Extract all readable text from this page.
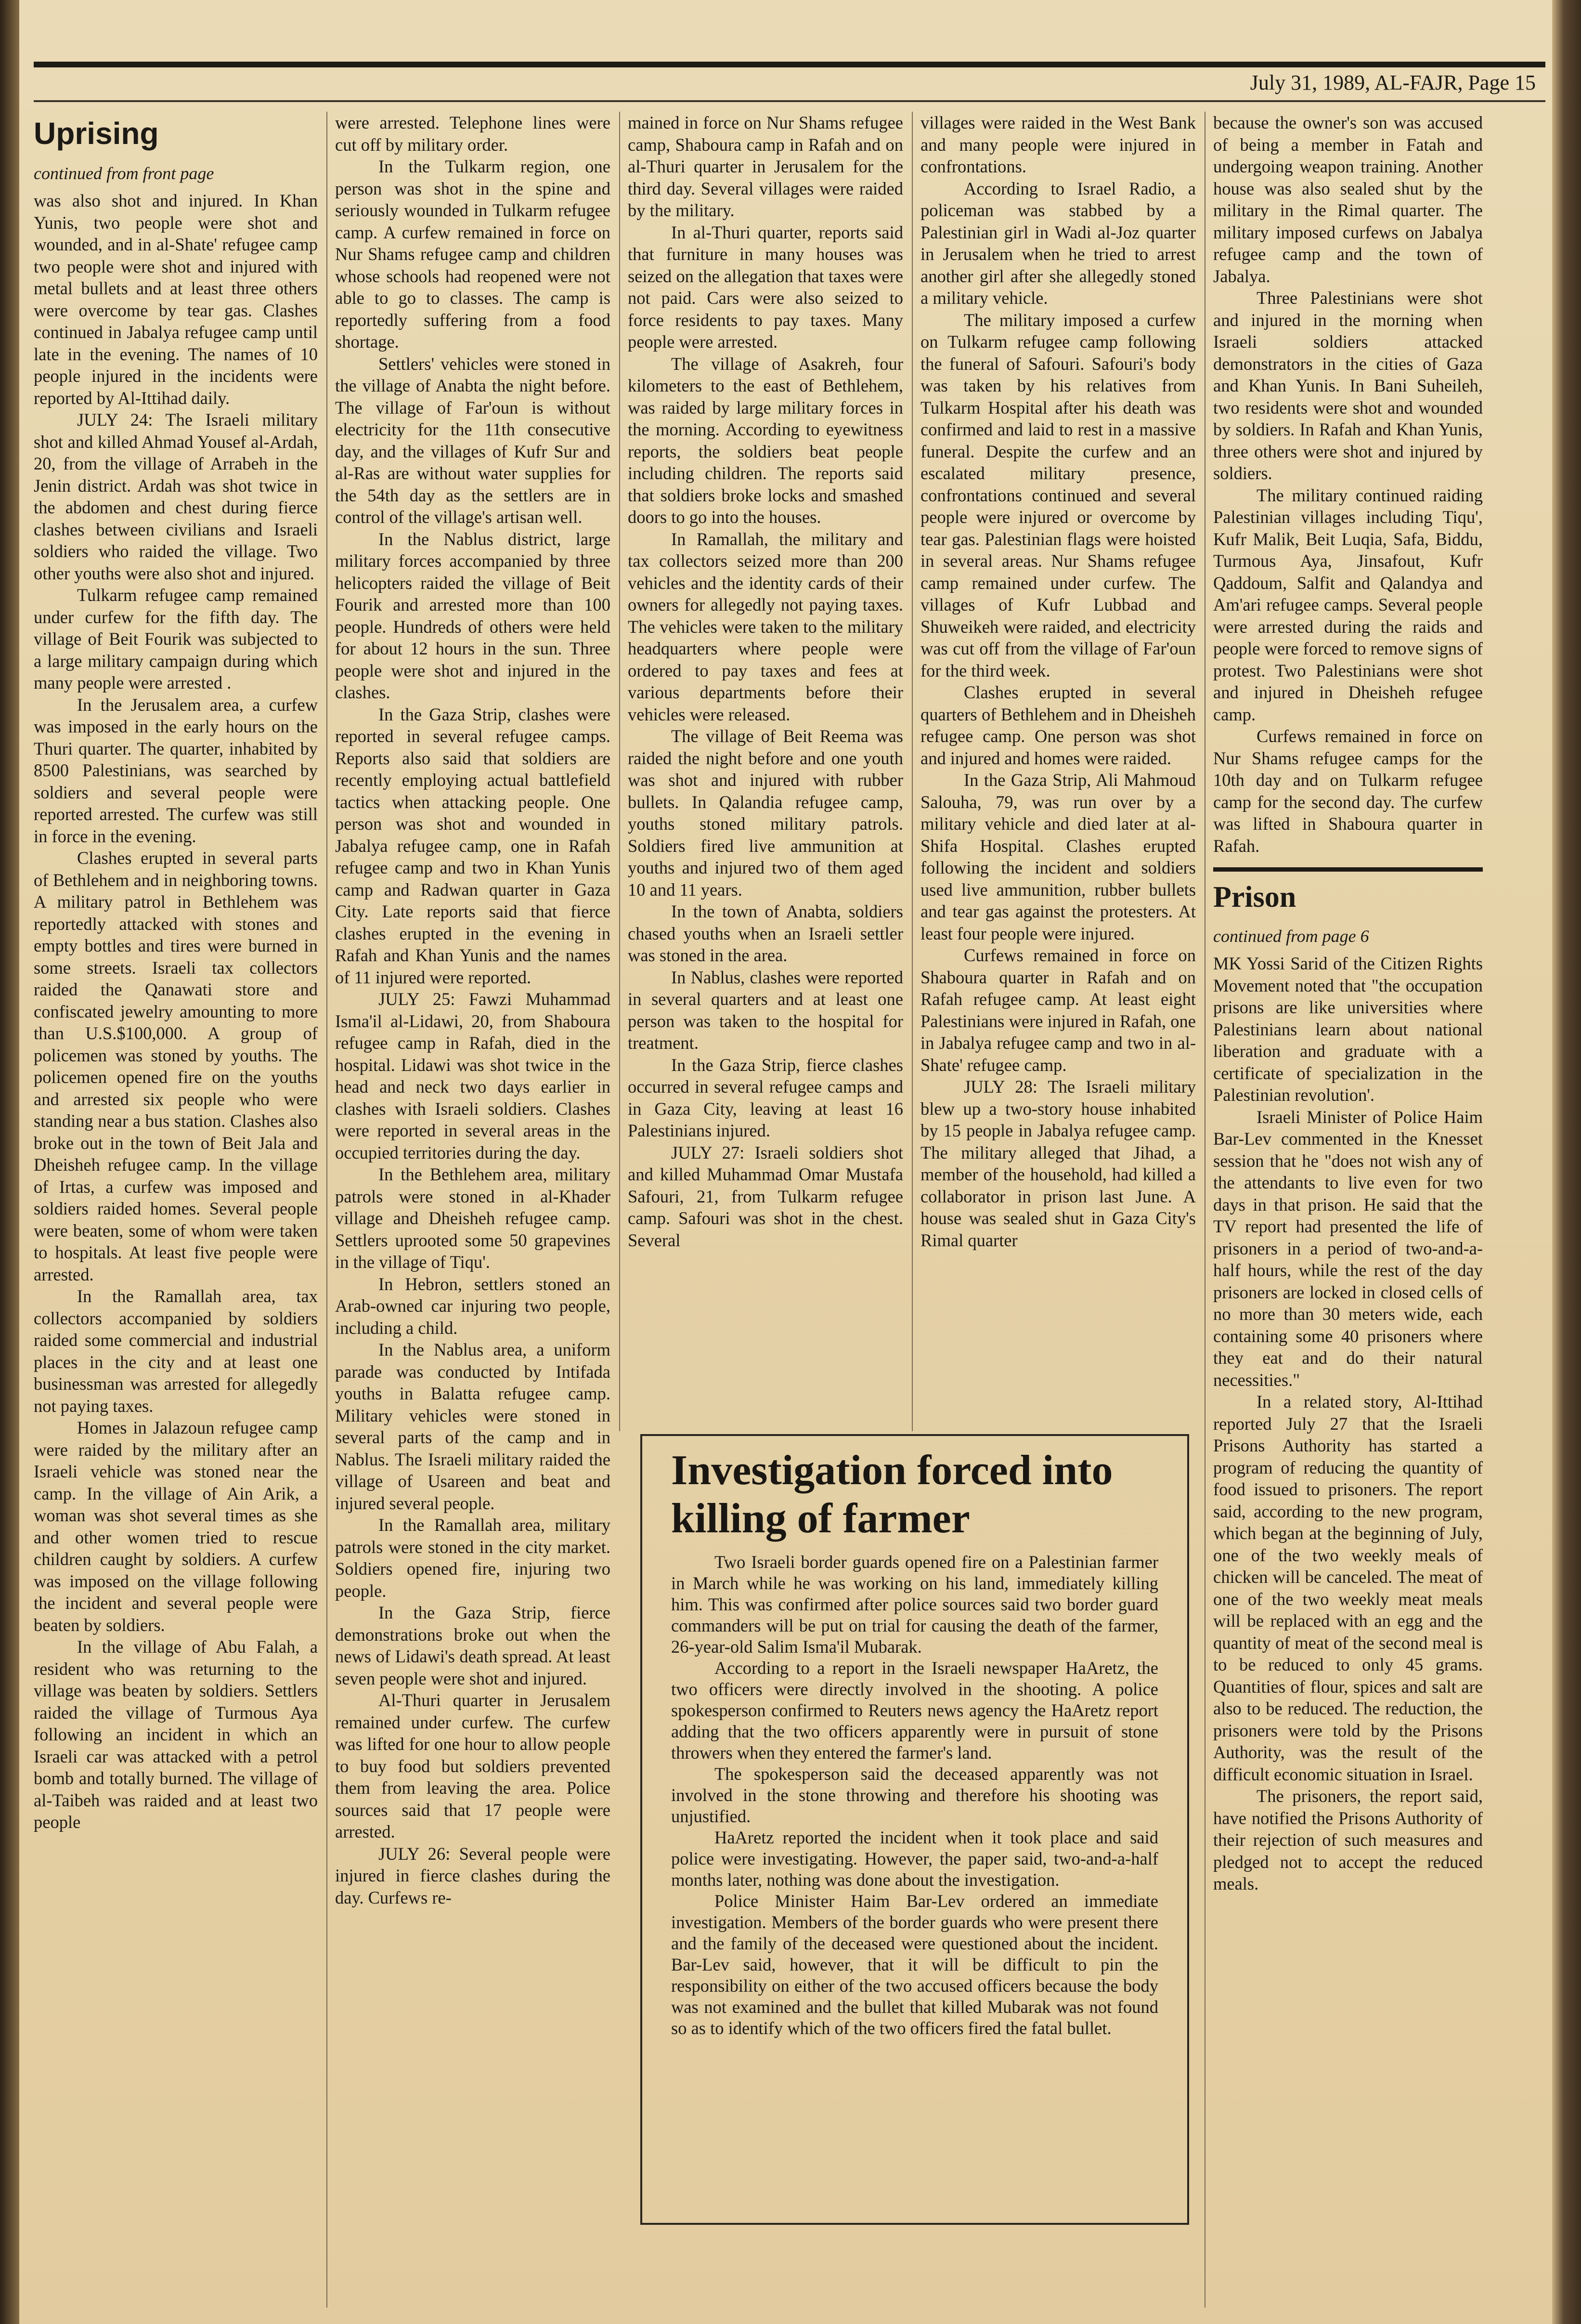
July 31, 1989, AL-FAJR, Page 15
Uprising
continued from front page

was also shot and injured. In Khan Yunis, two people were shot and wounded, and in al-Shate' refugee camp two people were shot and injured with metal bullets and at least three others were overcome by tear gas. Clashes continued in Jabalya refugee camp until late in the evening. The names of 10 people injured in the incidents were reported by Al-Ittihad daily.

JULY 24: The Israeli military shot and killed Ahmad Yousef al-Ardah, 20, from the village of Arrabeh in the Jenin district. Ardah was shot twice in the abdomen and chest during fierce clashes between civilians and Israeli soldiers who raided the village. Two other youths were also shot and injured.

Tulkarm refugee camp remained under curfew for the fifth day. The village of Beit Fourik was subjected to a large military campaign during which many people were arrested .

In the Jerusalem area, a curfew was imposed in the early hours on the Thuri quarter. The quarter, inhabited by 8500 Palestinians, was searched by soldiers and several people were reported arrested. The curfew was still in force in the evening.

Clashes erupted in several parts of Bethlehem and in neighboring towns. A military patrol in Bethlehem was reportedly attacked with stones and empty bottles and tires were burned in some streets. Israeli tax collectors raided the Qanawati store and confiscated jewelry amounting to more than U.S.$100,000. A group of policemen was stoned by youths. The policemen opened fire on the youths and arrested six people who were standing near a bus station. Clashes also broke out in the town of Beit Jala and Dheisheh refugee camp. In the village of Irtas, a curfew was imposed and soldiers raided homes. Several people were beaten, some of whom were taken to hospitals. At least five people were arrested.

In the Ramallah area, tax collectors accompanied by soldiers raided some commercial and industrial places in the city and at least one businessman was arrested for allegedly not paying taxes.

Homes in Jalazoun refugee camp were raided by the military after an Israeli vehicle was stoned near the camp. In the village of Ain Arik, a woman was shot several times as she and other women tried to rescue children caught by soldiers. A curfew was imposed on the village following the incident and several people were beaten by soldiers.

In the village of Abu Falah, a resident who was returning to the village was beaten by soldiers. Settlers raided the village of Turmous Aya following an incident in which an Israeli car was attacked with a petrol bomb and totally burned. The village of al-Taibeh was raided and at least two people

were arrested. Telephone lines were cut off by military order.

In the Tulkarm region, one person was shot in the spine and seriously wounded in Tulkarm refugee camp. A curfew remained in force on Nur Shams refugee camp and children whose schools had reopened were not able to go to classes. The camp is reportedly suffering from a food shortage.

Settlers' vehicles were stoned in the village of Anabta the night before. The village of Far'oun is without electricity for the 11th consecutive day, and the villages of Kufr Sur and al-Ras are without water supplies for the 54th day as the settlers are in control of the village's artisan well.

In the Nablus district, large military forces accompanied by three helicopters raided the village of Beit Fourik and arrested more than 100 people. Hundreds of others were held for about 12 hours in the sun. Three people were shot and injured in the clashes.

In the Gaza Strip, clashes were reported in several refugee camps. Reports also said that soldiers are recently employing actual battlefield tactics when attacking people. One person was shot and wounded in Jabalya refugee camp, one in Rafah refugee camp and two in Khan Yunis camp and Radwan quarter in Gaza City. Late reports said that fierce clashes erupted in the evening in Rafah and Khan Yunis and the names of 11 injured were reported.

JULY 25: Fawzi Muhammad Isma'il al-Lidawi, 20, from Shaboura refugee camp in Rafah, died in the hospital. Lidawi was shot twice in the head and neck two days earlier in clashes with Israeli soldiers. Clashes were reported in several areas in the occupied territories during the day.

In the Bethlehem area, military patrols were stoned in al-Khader village and Dheisheh refugee camp. Settlers uprooted some 50 grapevines in the village of Tiqu'.

In Hebron, settlers stoned an Arab-owned car injuring two people, including a child.

In the Nablus area, a uniform parade was conducted by Intifada youths in Balatta refugee camp. Military vehicles were stoned in several parts of the camp and in Nablus. The Israeli military raided the village of Usareen and beat and injured several people.

In the Ramallah area, military patrols were stoned in the city market. Soldiers opened fire, injuring two people.

In the Gaza Strip, fierce demonstrations broke out when the news of Lidawi's death spread. At least seven people were shot and injured.

Al-Thuri quarter in Jerusalem remained under curfew. The curfew was lifted for one hour to allow people to buy food but soldiers prevented them from leaving the area. Police sources said that 17 people were arrested.

JULY 26: Several people were injured in fierce clashes during the day. Curfews re-

mained in force on Nur Shams refugee camp, Shaboura camp in Rafah and on al-Thuri quarter in Jerusalem for the third day. Several villages were raided by the military.

In al-Thuri quarter, reports said that furniture in many houses was seized on the allegation that taxes were not paid. Cars were also seized to force residents to pay taxes. Many people were arrested.

The village of Asakreh, four kilometers to the east of Bethlehem, was raided by large military forces in the morning. According to eyewitness reports, the soldiers beat people including children. The reports said that soldiers broke locks and smashed doors to go into the houses.

In Ramallah, the military and tax collectors seized more than 200 vehicles and the identity cards of their owners for allegedly not paying taxes. The vehicles were taken to the military headquarters where people were ordered to pay taxes and fees at various departments before their vehicles were released.

The village of Beit Reema was raided the night before and one youth was shot and injured with rubber bullets. In Qalandia refugee camp, youths stoned military patrols. Soldiers fired live ammunition at youths and injured two of them aged 10 and 11 years.

In the town of Anabta, soldiers chased youths when an Israeli settler was stoned in the area.

In Nablus, clashes were reported in several quarters and at least one person was taken to the hospital for treatment.

In the Gaza Strip, fierce clashes occurred in several refugee camps and in Gaza City, leaving at least 16 Palestinians injured.

JULY 27: Israeli soldiers shot and killed Muhammad Omar Mustafa Safouri, 21, from Tulkarm refugee camp. Safouri was shot in the chest. Several

villages were raided in the West Bank and many people were injured in confrontations.

According to Israel Radio, a policeman was stabbed by a Palestinian girl in Wadi al-Joz quarter in Jerusalem when he tried to arrest another girl after she allegedly stoned a military vehicle.

The military imposed a curfew on Tulkarm refugee camp following the funeral of Safouri. Safouri's body was taken by his relatives from Tulkarm Hospital after his death was confirmed and laid to rest in a massive funeral. Despite the curfew and an escalated military presence, confrontations continued and several people were injured or overcome by tear gas. Palestinian flags were hoisted in several areas. Nur Shams refugee camp remained under curfew. The villages of Kufr Lubbad and Shuweikeh were raided, and electricity was cut off from the village of Far'oun for the third week.

Clashes erupted in several quarters of Bethlehem and in Dheisheh refugee camp. One person was shot and injured and homes were raided.

In the Gaza Strip, Ali Mahmoud Salouha, 79, was run over by a military vehicle and died later at al-Shifa Hospital. Clashes erupted following the incident and soldiers used live ammunition, rubber bullets and tear gas against the protesters. At least four people were injured.

Curfews remained in force on Shaboura quarter in Rafah and on Rafah refugee camp. At least eight Palestinians were injured in Rafah, one in Jabalya refugee camp and two in al-Shate' refugee camp.

JULY 28: The Israeli military blew up a two-story house inhabited by 15 people in Jabalya refugee camp. The military alleged that Jihad, a member of the household, had killed a collaborator in prison last June. A house was sealed shut in Gaza City's Rimal quarter

because the owner's son was accused of being a member in Fatah and undergoing weapon training. Another house was also sealed shut by the military in the Rimal quarter. The military imposed curfews on Jabalya refugee camp and the town of Jabalya.

Three Palestinians were shot and injured in the morning when Israeli soldiers attacked demonstrators in the cities of Gaza and Khan Yunis. In Bani Suheileh, two residents were shot and wounded by soldiers. In Rafah and Khan Yunis, three others were shot and injured by soldiers.

The military continued raiding Palestinian villages including Tiqu', Kufr Malik, Beit Luqia, Safa, Biddu, Turmous Aya, Jinsafout, Kufr Qaddoum, Salfit and Qalandya and Am'ari refugee camps. Several people were arrested during the raids and people were forced to remove signs of protest. Two Palestinians were shot and injured in Dheisheh refugee camp.

Curfews remained in force on Nur Shams refugee camps for the 10th day and on Tulkarm refugee camp for the second day. The curfew was lifted in Shaboura quarter in Rafah.

Prison
continued from page 6

MK Yossi Sarid of the Citizen Rights Movement noted that "the occupation prisons are like universities where Palestinians learn about national liberation and graduate with a certificate of specialization in the Palestinian revolution'.

Israeli Minister of Police Haim Bar-Lev commented in the Knesset session that he "does not wish any of the attendants to live even for two days in that prison. He said that the TV report had presented the life of prisoners in a period of two-and-a-half hours, while the rest of the day prisoners are locked in closed cells of no more than 30 meters wide, each containing some 40 prisoners where they eat and do their natural necessities."

In a related story, Al-Ittihad reported July 27 that the Israeli Prisons Authority has started a program of reducing the quantity of food issued to prisoners. The report said, according to the new program, which began at the beginning of July, one of the two weekly meals of chicken will be canceled. The meat of one of the two weekly meat meals will be replaced with an egg and the quantity of meat of the second meal is to be reduced to only 45 grams. Quantities of flour, spices and salt are also to be reduced. The reduction, the prisoners were told by the Prisons Authority, was the result of the difficult economic situation in Israel.

The prisoners, the report said, have notified the Prisons Authority of their rejection of such measures and pledged not to accept the reduced meals.

Investigation forced into killing of farmer

Two Israeli border guards opened fire on a Palestinian farmer in March while he was working on his land, immediately killing him. This was confirmed after police sources said two border guard commanders will be put on trial for causing the death of the farmer, 26-year-old Salim Isma'il Mubarak.

According to a report in the Israeli newspaper HaAretz, the two officers were directly involved in the shooting. A police spokesperson confirmed to Reuters news agency the HaAretz report adding that the two officers apparently were in pursuit of stone throwers when they entered the farmer's land.

The spokesperson said the deceased apparently was not involved in the stone throwing and therefore his shooting was unjustified.

HaAretz reported the incident when it took place and said police were investigating. However, the paper said, two-and-a-half months later, nothing was done about the investigation.

Police Minister Haim Bar-Lev ordered an immediate investigation. Members of the border guards who were present there and the family of the deceased were questioned about the incident. Bar-Lev said, however, that it will be difficult to pin the responsibility on either of the two accused officers because the body was not examined and the bullet that killed Mubarak was not found so as to identify which of the two officers fired the fatal bullet.
